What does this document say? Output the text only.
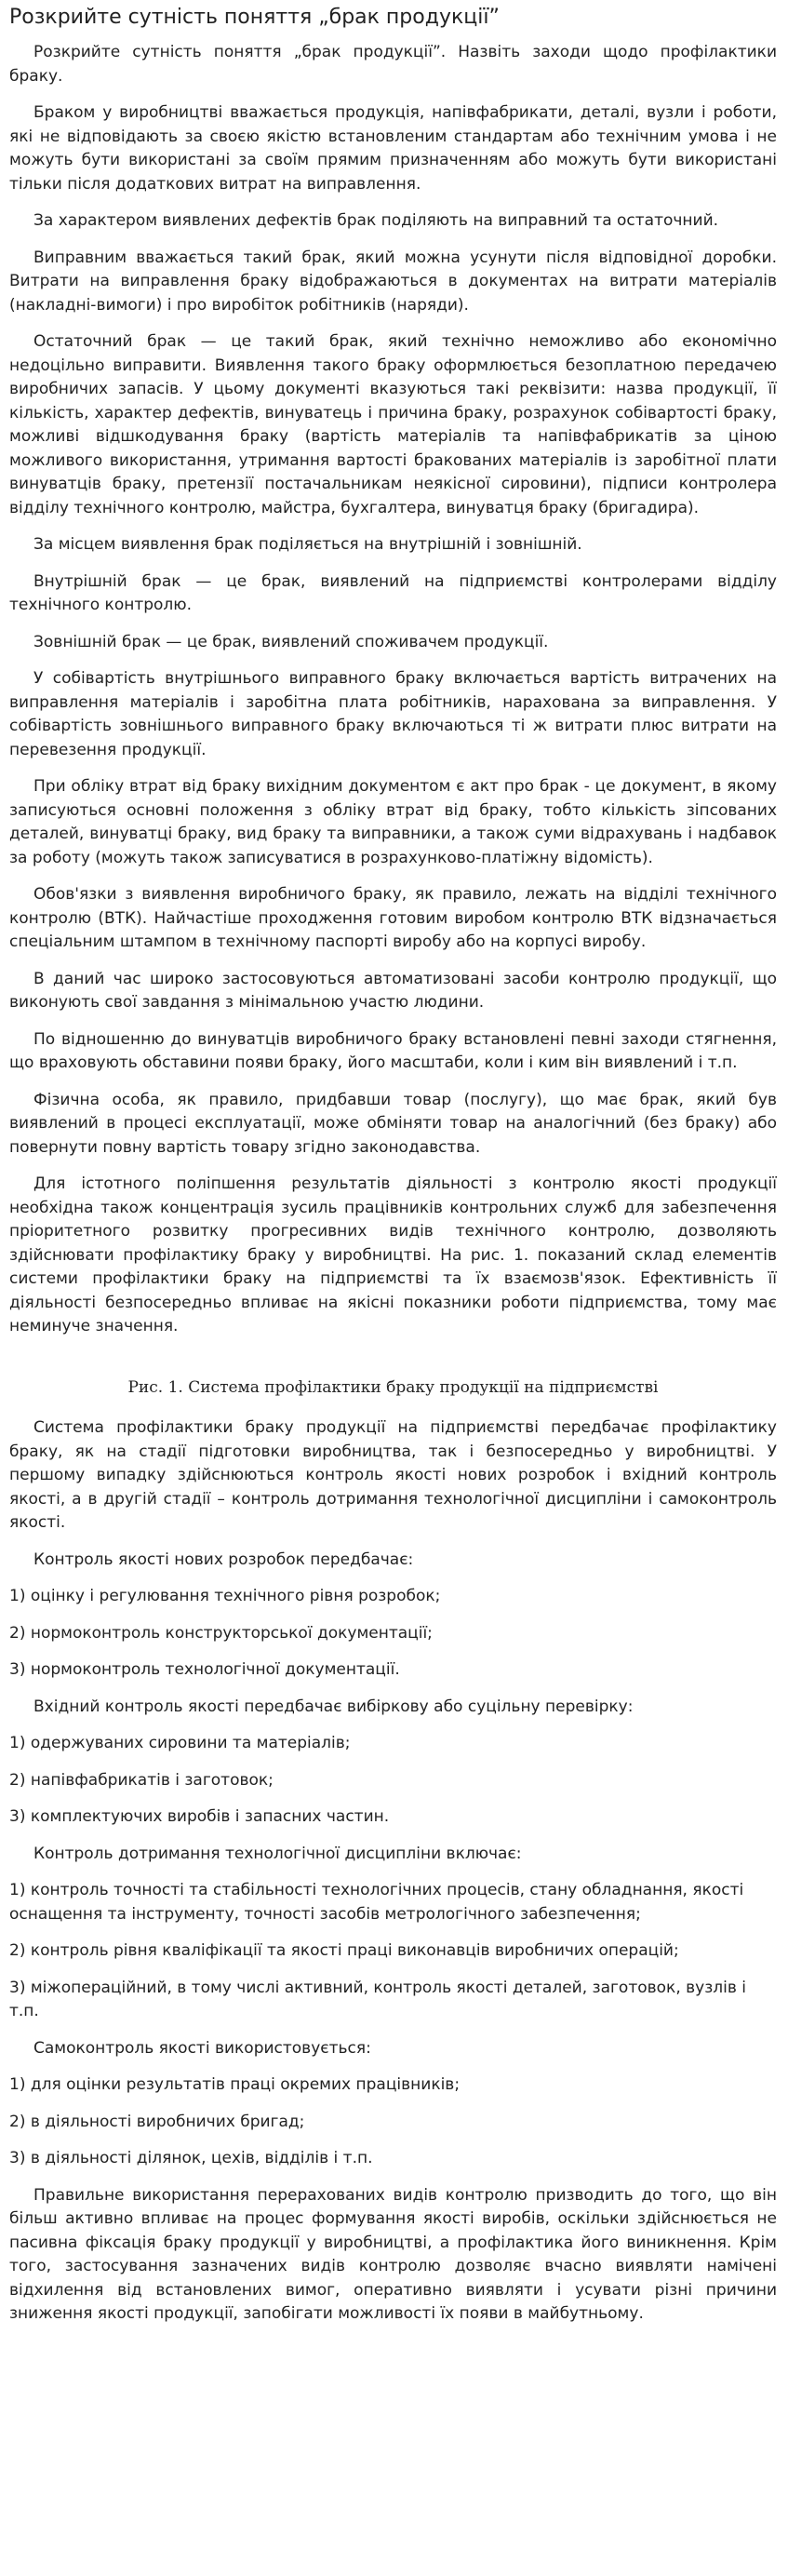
Розкрийте сутність поняття „брак продукції”

Розкрийте сутність поняття „брак продукції”. Назвіть заходи щодо профілактики браку.

Браком у виробництві вважається продукція, напівфабрикати, деталі, вузли і роботи, які не відповідають за своєю якістю встановленим стандартам або технічним умова і не можуть бути використані за своїм прямим призначенням або можуть бути використані тільки після додаткових витрат на виправлення.

За характером виявлених дефектів брак поділяють на виправний та остаточний.

Виправним вважається такий брак, який можна усунути після відповідної доробки. Витрати на виправлення браку відображаються в документах на витрати матеріалів (накладні-вимоги) і про виробіток робітників (наряди).

Остаточний брак — це такий брак, який технічно неможливо або економічно недоцільно виправити. Виявлення такого браку оформлюється безоплатною передачею виробничих запасів. У цьому документі вказуються такі реквізити: назва продукції, її кількість, характер дефектів, винуватець і причина браку, розрахунок собівартості браку, можливі відшкодування браку (вартість матеріалів та напівфабрикатів за ціною можливого використання, утримання вартості бракованих матеріалів із заробітної плати винуватців браку, претензії постачальникам неякісної сировини), підписи контролера відділу технічного контролю, майстра, бухгалтера, винуватця браку (бригадира).

За місцем виявлення брак поділяється на внутрішній і зовнішній.

Внутрішній брак — це брак, виявлений на підприємстві контролерами відділу технічного контролю.

Зовнішній брак — це брак, виявлений споживачем продукції.

У собівартість внутрішнього виправного браку включається вартість витрачених на виправлення матеріалів і заробітна плата робітників, нарахована за виправлення. У собівартість зовнішнього виправного браку включаються ті ж витрати плюс витрати на перевезення продукції.

При обліку втрат від браку вихідним документом є акт про брак - це документ, в якому записуються основні положення з обліку втрат від браку, тобто кількість зіпсованих деталей, винуватці браку, вид браку та виправники, а також суми відрахувань і надбавок за роботу (можуть також записуватися в розрахунково-платіжну відомість).

Обов'язки з виявлення виробничого браку, як правило, лежать на відділі технічного контролю (ВТК). Найчастіше проходження готовим виробом контролю ВТК відзначається спеціальним штампом в технічному паспорті виробу або на корпусі виробу.

В даний час широко застосовуються автоматизовані засоби контролю продукції, що виконують свої завдання з мінімальною участю людини.

По відношенню до винуватців виробничого браку встановлені певні заходи стягнення, що враховують обставини появи браку, його масштаби, коли і ким він виявлений і т.п.

Фізична особа, як правило, придбавши товар (послугу), що має брак, який був виявлений в процесі експлуатації, може обміняти товар на аналогічний (без браку) або повернути повну вартість товару згідно законодавства.

Для істотного поліпшення результатів діяльності з контролю якості продукції необхідна також концентрація зусиль працівників контрольних служб для забезпечення пріоритетного розвитку прогресивних видів технічного контролю, дозволяють здійснювати профілактику браку у виробництві. На рис. 1. показаний склад елементів системи профілактики браку на підприємстві та їх взаємозв'язок. Ефективність її діяльності безпосередньо впливає на якісні показники роботи підприємства, тому має неминуче значення.

Рис. 1. Система профілактики браку продукції на підприємстві

Система профілактики браку продукції на підприємстві передбачає профілактику браку, як на стадії підготовки виробництва, так і безпосередньо у виробництві. У першому випадку здійснюються контроль якості нових розробок і вхідний контроль якості, а в другій стадії – контроль дотримання технологічної дисципліни і самоконтроль якості.

Контроль якості нових розробок передбачає:

1) оцінку і регулювання технічного рівня розробок;

2) нормоконтроль конструкторської документації;

3) нормоконтроль технологічної документації.

Вхідний контроль якості передбачає вибіркову або суцільну перевірку:

1) одержуваних сировини та матеріалів;

2) напівфабрикатів і заготовок;

3) комплектуючих виробів і запасних частин.

Контроль дотримання технологічної дисципліни включає:

1) контроль точності та стабільності технологічних процесів, стану обладнання, якості оснащення та інструменту, точності засобів метрологічного забезпечення;

2) контроль рівня кваліфікації та якості праці виконавців виробничих операцій;

3) міжопераційний, в тому числі активний, контроль якості деталей, заготовок, вузлів і т.п.

Самоконтроль якості використовується:

1) для оцінки результатів праці окремих працівників;

2) в діяльності виробничих бригад;

3) в діяльності ділянок, цехів, відділів і т.п.

Правильне використання перерахованих видів контролю призводить до того, що він більш активно впливає на процес формування якості виробів, оскільки здійснюється не пасивна фіксація браку продукції у виробництві, а профілактика його виникнення. Крім того, застосування зазначених видів контролю дозволяє вчасно виявляти намічені відхилення від встановлених вимог, оперативно виявляти і усувати різні причини зниження якості продукції, запобігати можливості їх появи в майбутньому.
